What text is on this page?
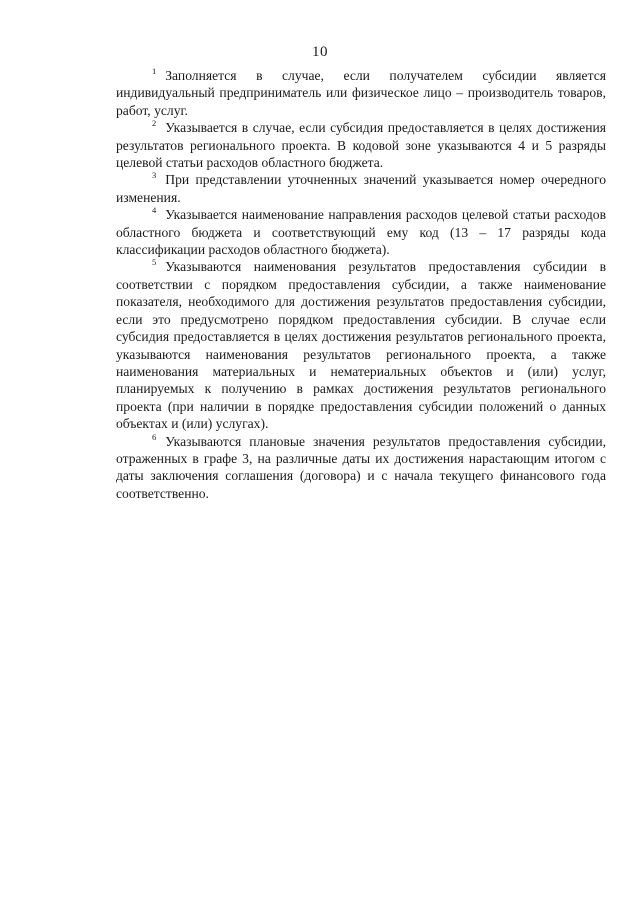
10

$^1$ Заполняется в случае, если получателем субсидии является индивидуальный предприниматель или физическое лицо – производитель товаров, работ, услуг.

$^2$ Указывается в случае, если субсидия предоставляется в целях достижения результатов регионального проекта. В кодовой зоне указываются 4 и 5 разряды целевой статьи расходов областного бюджета.

$^3$ При представлении уточненных значений указывается номер очередного изменения.

$^4$ Указывается наименование направления расходов целевой статьи расходов областного бюджета и соответствующий ему код (13 – 17 разряды кода классификации расходов областного бюджета).

$^5$ Указываются наименования результатов предоставления субсидии в соответствии с порядком предоставления субсидии, а также наименование показателя, необходимого для достижения результатов предоставления субсидии, если это предусмотрено порядком предоставления субсидии. В случае если субсидия предоставляется в целях достижения результатов регионального проекта, указываются наименования результатов регионального проекта, а также наименования материальных и нематериальных объектов и (или) услуг, планируемых к получению в рамках достижения результатов регионального проекта (при наличии в порядке предоставления субсидии положений о данных объектах и (или) услугах).

$^6$ Указываются плановые значения результатов предоставления субсидии, отраженных в графе 3, на различные даты их достижения нарастающим итогом с даты заключения соглашения (договора) и с начала текущего финансового года соответственно.
